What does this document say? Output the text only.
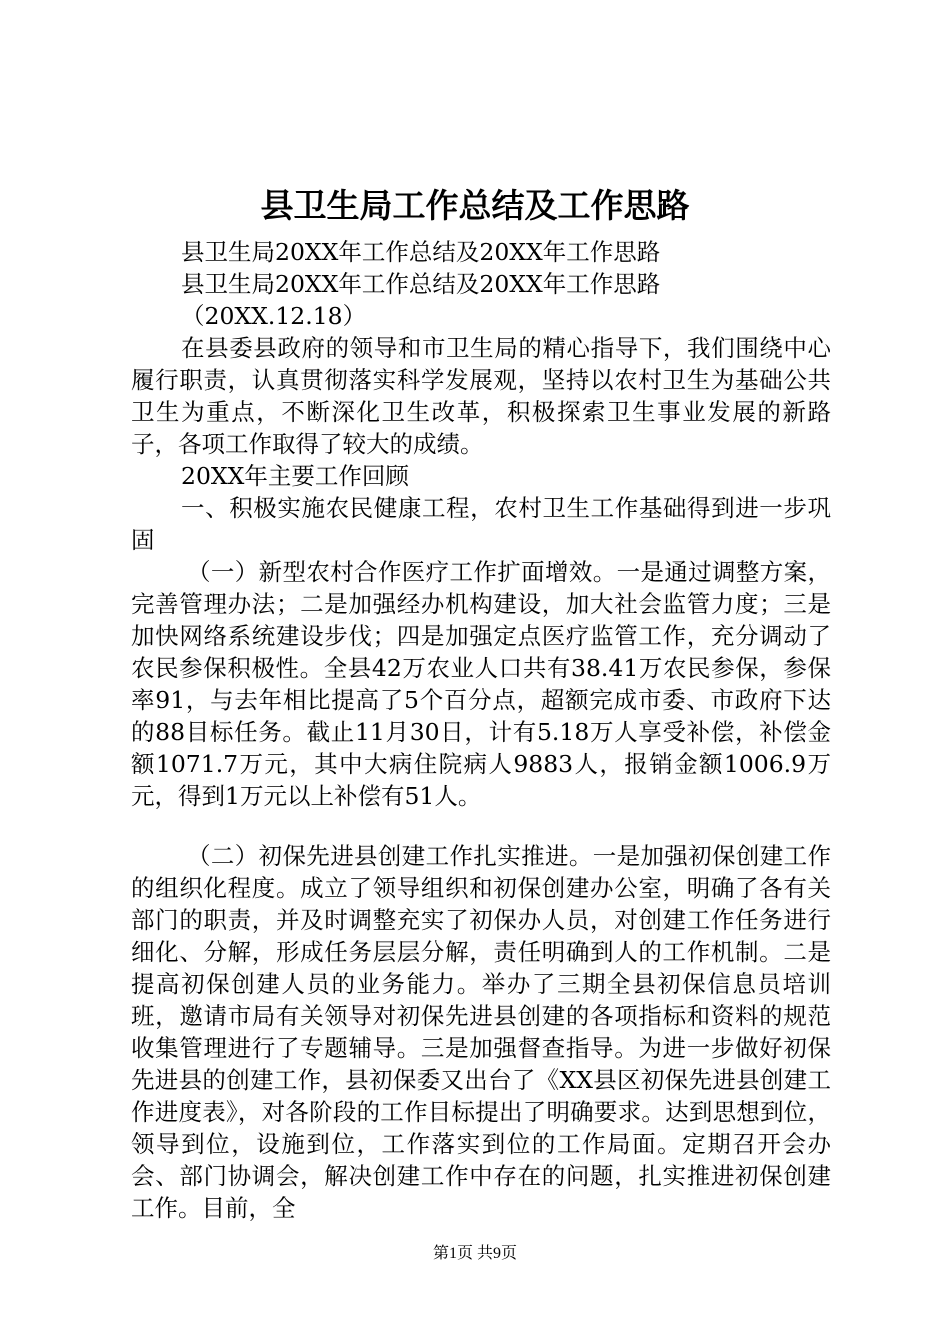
县卫生局工作总结及工作思路
县卫生局20XX年工作总结及20XX年工作思路
县卫生局20XX年工作总结及20XX年工作思路
（20XX.12.18）
在县委县政府的领导和市卫生局的精心指导下，我们围绕中心履行职责，认真贯彻落实科学发展观，坚持以农村卫生为基础公共卫生为重点，不断深化卫生改革，积极探索卫生事业发展的新路子，各项工作取得了较大的成绩。
20XX年主要工作回顾
一、积极实施农民健康工程，农村卫生工作基础得到进一步巩固
（一）新型农村合作医疗工作扩面增效。一是通过调整方案，完善管理办法；二是加强经办机构建设，加大社会监管力度；三是加快网络系统建设步伐；四是加强定点医疗监管工作，充分调动了农民参保积极性。全县42万农业人口共有38.41万农民参保，参保率91，与去年相比提高了5个百分点，超额完成市委、市政府下达的88目标任务。截止11月30日，计有5.18万人享受补偿，补偿金额1071.7万元，其中大病住院病人9883人，报销金额1006.9万元，得到1万元以上补偿有51人。
（二）初保先进县创建工作扎实推进。一是加强初保创建工作的组织化程度。成立了领导组织和初保创建办公室，明确了各有关部门的职责，并及时调整充实了初保办人员，对创建工作任务进行细化、分解，形成任务层层分解，责任明确到人的工作机制。二是提高初保创建人员的业务能力。举办了三期全县初保信息员培训班，邀请市局有关领导对初保先进县创建的各项指标和资料的规范收集管理进行了专题辅导。三是加强督查指导。为进一步做好初保先进县的创建工作，县初保委又出台了《XX县区初保先进县创建工作进度表》，对各阶段的工作目标提出了明确要求。达到思想到位，领导到位，设施到位，工作落实到位的工作局面。定期召开会办会、部门协调会，解决创建工作中存在的问题，扎实推进初保创建工作。目前，全
第1页 共9页
